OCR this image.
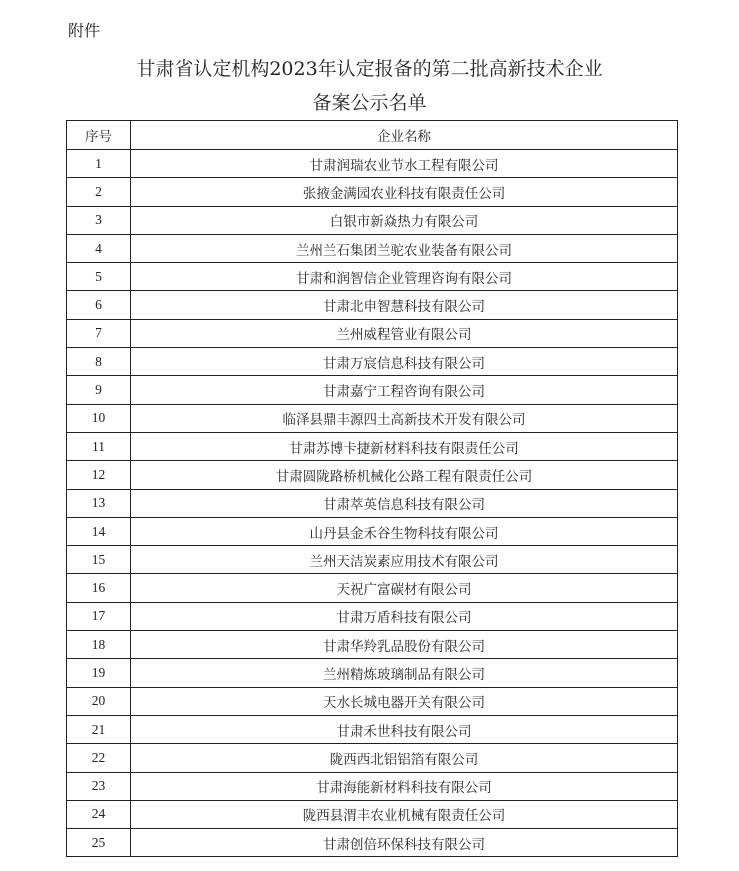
附件
甘肃省认定机构2023年认定报备的第二批高新技术企业
备案公示名单
序号	企业名称
1	甘肃润瑞农业节水工程有限公司
2	张掖金满园农业科技有限责任公司
3	白银市新焱热力有限公司
4	兰州兰石集团兰驼农业装备有限公司
5	甘肃和润智信企业管理咨询有限公司
6	甘肃北申智慧科技有限公司
7	兰州威程管业有限公司
8	甘肃万宸信息科技有限公司
9	甘肃嘉宁工程咨询有限公司
10	临泽县鼎丰源四土高新技术开发有限公司
11	甘肃苏博卡捷新材料科技有限责任公司
12	甘肃圆陇路桥机械化公路工程有限责任公司
13	甘肃萃英信息科技有限公司
14	山丹县金禾谷生物科技有限公司
15	兰州天洁炭素应用技术有限公司
16	天祝广富碳材有限公司
17	甘肃万盾科技有限公司
18	甘肃华羚乳品股份有限公司
19	兰州精炼玻璃制品有限公司
20	天水长城电器开关有限公司
21	甘肃禾世科技有限公司
22	陇西西北铝铝箔有限公司
23	甘肃海能新材料科技有限公司
24	陇西县渭丰农业机械有限责任公司
25	甘肃创倍环保科技有限公司
